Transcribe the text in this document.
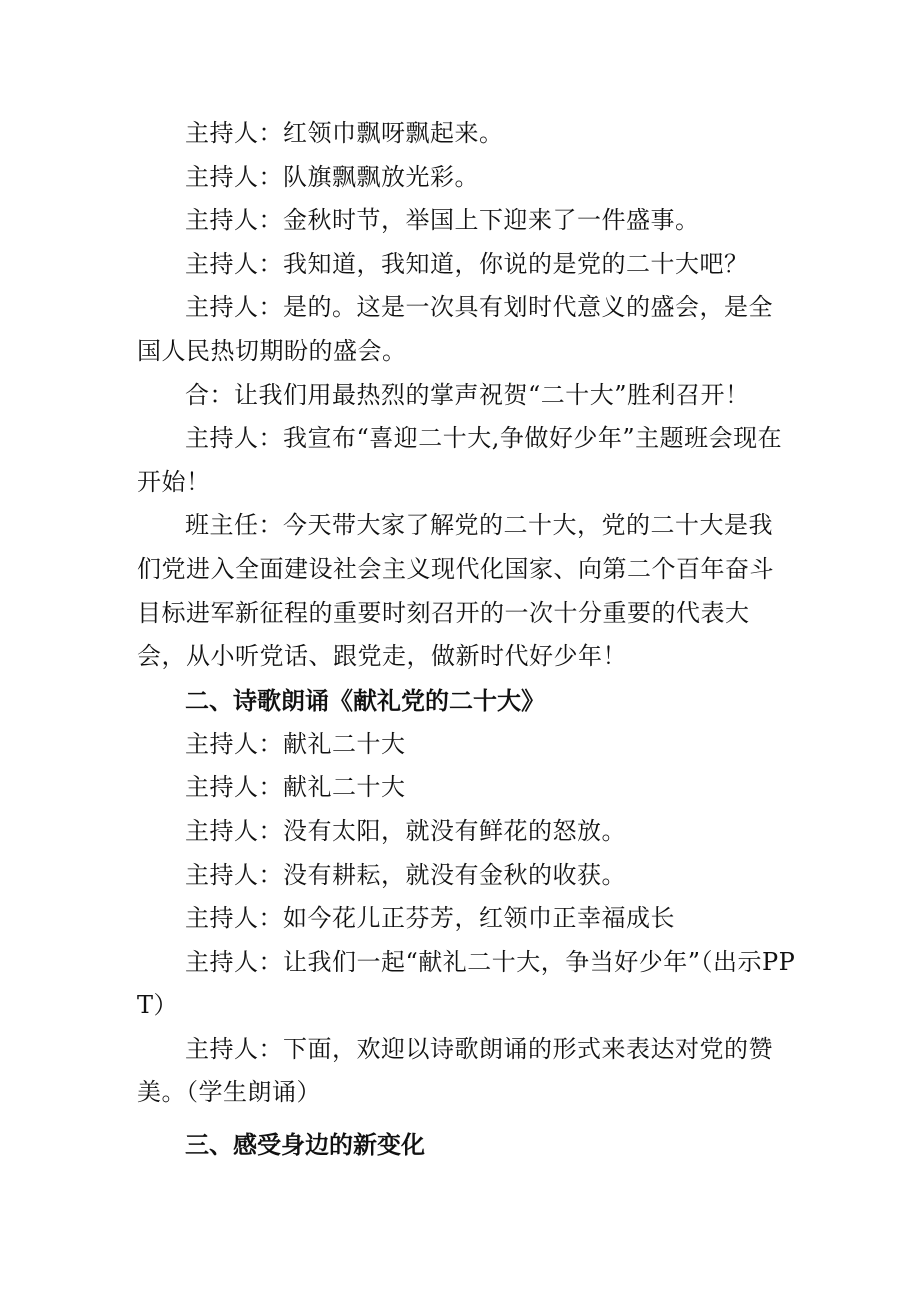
主持人：红领巾飘呀飘起来。

主持人：队旗飘飘放光彩。

主持人：金秋时节，举国上下迎来了一件盛事。

主持人：我知道，我知道，你说的是党的二十大吧？

主持人：是的。这是一次具有划时代意义的盛会，是全国人民热切期盼的盛会。

合：让我们用最热烈的掌声祝贺“二十大”胜利召开！

主持人：我宣布“喜迎二十大,争做好少年”主题班会现在开始！

班主任：今天带大家了解党的二十大，党的二十大是我们党进入全面建设社会主义现代化国家、向第二个百年奋斗目标进军新征程的重要时刻召开的一次十分重要的代表大会，从小听党话、跟党走，做新时代好少年！

二、诗歌朗诵《献礼党的二十大》

主持人：献礼二十大

主持人：献礼二十大

主持人：没有太阳，就没有鲜花的怒放。

主持人：没有耕耘，就没有金秋的收获。

主持人：如今花儿正芬芳，红领巾正幸福成长

主持人：让我们一起“献礼二十大，争当好少年”（出示PPT）

主持人：下面，欢迎以诗歌朗诵的形式来表达对党的赞美。（学生朗诵）

三、感受身边的新变化
